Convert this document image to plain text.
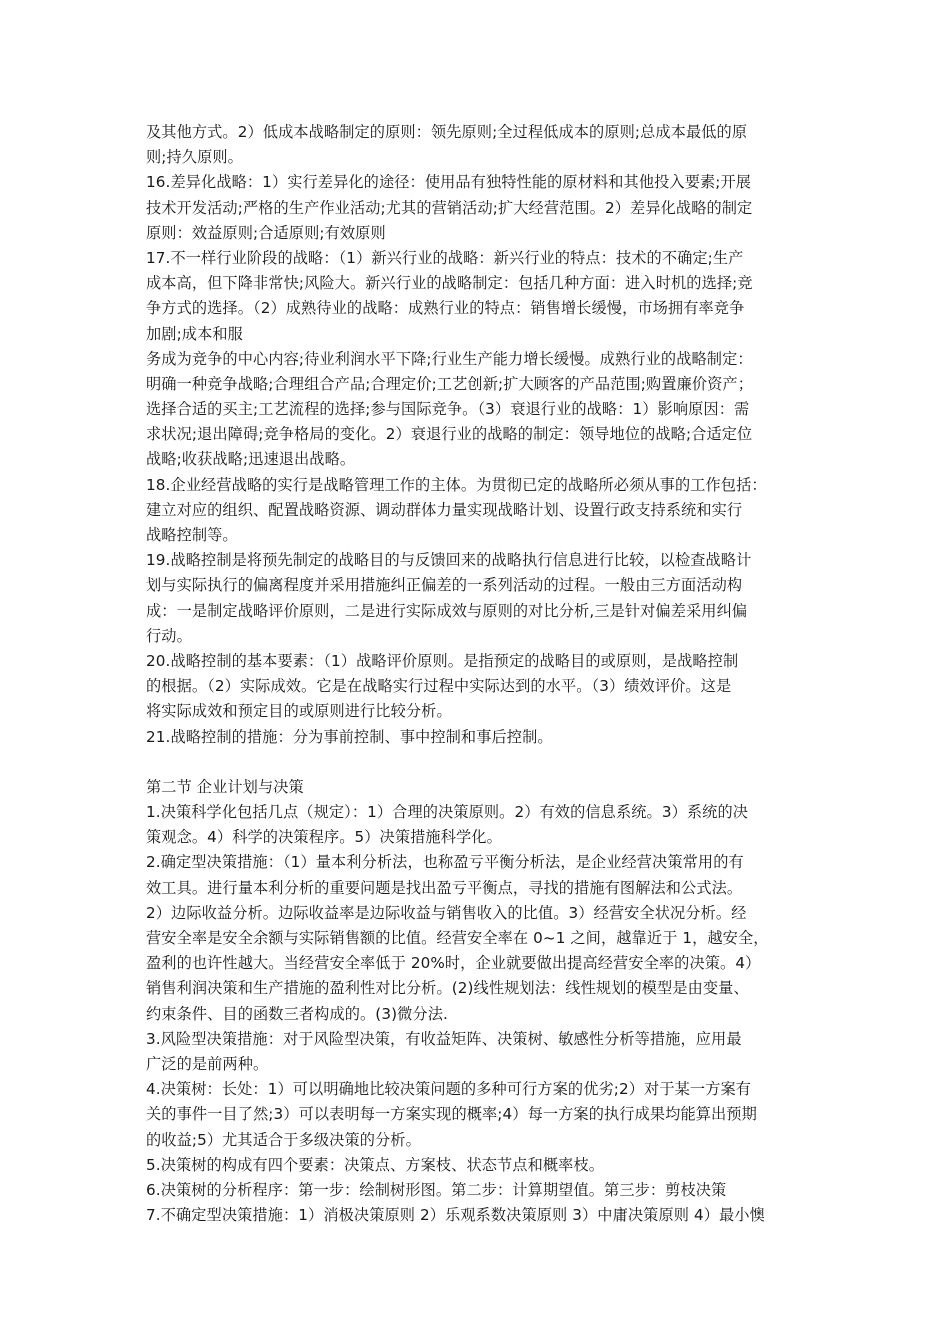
及其他方式。2）低成本战略制定的原则：领先原则;全过程低成本的原则;总成本最低的原
则;持久原则。
16.差异化战略：1）实行差异化的途径：使用品有独特性能的原材料和其他投入要素;开展
技术开发活动;严格的生产作业活动;尤其的营销活动;扩大经营范围。2）差异化战略的制定
原则：效益原则;合适原则;有效原则
17.不一样行业阶段的战略：（1）新兴行业的战略：新兴行业的特点：技术的不确定;生产
成本高，但下降非常快;风险大。新兴行业的战略制定：包括几种方面：进入时机的选择;竞
争方式的选择。（2）成熟待业的战略：成熟行业的特点：销售增长缓慢，市场拥有率竞争
加剧;成本和服
务成为竞争的中心内容;待业利润水平下降;行业生产能力增长缓慢。成熟行业的战略制定：
明确一种竞争战略;合理组合产品;合理定价;工艺创新;扩大顾客的产品范围;购置廉价资产；
选择合适的买主;工艺流程的选择;参与国际竞争。（3）衰退行业的战略：1）影响原因：需
求状况;退出障碍;竞争格局的变化。2）衰退行业的战略的制定：领导地位的战略;合适定位
战略;收获战略;迅速退出战略。
18.企业经营战略的实行是战略管理工作的主体。为贯彻已定的战略所必须从事的工作包括：
建立对应的组织、配置战略资源、调动群体力量实现战略计划、设置行政支持系统和实行
战略控制等。
19.战略控制是将预先制定的战略目的与反馈回来的战略执行信息进行比较，以检查战略计
划与实际执行的偏离程度并采用措施纠正偏差的一系列活动的过程。一般由三方面活动构
成：一是制定战略评价原则，二是进行实际成效与原则的对比分析,三是针对偏差采用纠偏
行动。
20.战略控制的基本要素：（1）战略评价原则。是指预定的战略目的或原则，是战略控制
的根据。（2）实际成效。它是在战略实行过程中实际达到的水平。（3）绩效评价。这是
将实际成效和预定目的或原则进行比较分析。
21.战略控制的措施：分为事前控制、事中控制和事后控制。
第二节 企业计划与决策
1.决策科学化包括几点（规定）：1）合理的决策原则。2）有效的信息系统。3）系统的决
策观念。4）科学的决策程序。5）决策措施科学化。
2.确定型决策措施：（1）量本利分析法，也称盈亏平衡分析法，是企业经营决策常用的有
效工具。进行量本利分析的重要问题是找出盈亏平衡点，寻找的措施有图解法和公式法。
2）边际收益分析。边际收益率是边际收益与销售收入的比值。3）经营安全状况分析。经
营安全率是安全余额与实际销售额的比值。经营安全率在 0~1 之间，越靠近于 1，越安全，
盈利的也许性越大。当经营安全率低于 20%时，企业就要做出提高经营安全率的决策。4）
销售利润决策和生产措施的盈利性对比分析。(2)线性规划法：线性规划的模型是由变量、
约束条件、目的函数三者构成的。(3)微分法.
3.风险型决策措施：对于风险型决策，有收益矩阵、决策树、敏感性分析等措施，应用最
广泛的是前两种。
4.决策树：长处：1）可以明确地比较决策问题的多种可行方案的优劣;2）对于某一方案有
关的事件一目了然;3）可以表明每一方案实现的概率;4）每一方案的执行成果均能算出预期
的收益;5）尤其适合于多级决策的分析。
5.决策树的构成有四个要素：决策点、方案枝、状态节点和概率枝。
6.决策树的分析程序：第一步：绘制树形图。第二步：计算期望值。第三步：剪枝决策
7.不确定型决策措施：1）消极决策原则 2）乐观系数决策原则 3）中庸决策原则 4）最小懊
